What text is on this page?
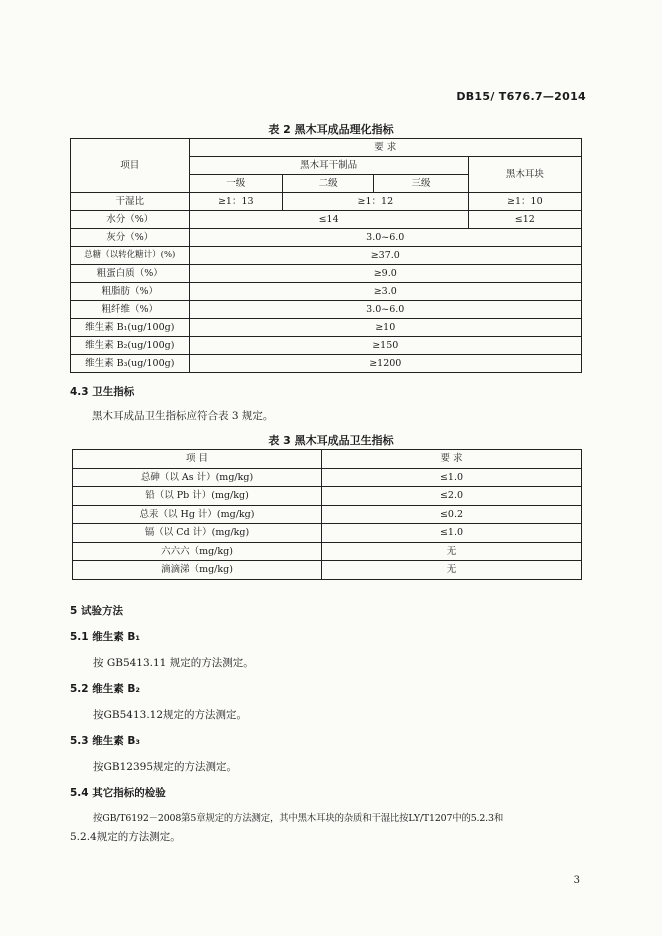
DB15/ T676.7—2014
表 2 黑木耳成品理化指标
项目	要 求			
	黑木耳干制品			黑木耳块
	一级	二级	三级	
干湿比	≥1：13	≥1：12		≥1：10
水分（%）	≤14			≤12
灰分（%）	3.0~6.0			
总糖（以转化糖计）(%)	≥37.0			
粗蛋白质（%）	≥9.0			
粗脂肪（%）	≥3.0			
粗纤维（%）	3.0~6.0			
维生素 B₁(ug/100g)	≥10			
维生素 B₂(ug/100g)	≥150			
维生素 B₃(ug/100g)	≥1200			
4.3 卫生指标
黑木耳成品卫生指标应符合表 3 规定。
表 3 黑木耳成品卫生指标
项 目	要 求
总砷（以 As 计）(mg/kg)	≤1.0
铅（以 Pb 计）(mg/kg)	≤2.0
总汞（以 Hg 计）(mg/kg)	≤0.2
镉（以 Cd 计）(mg/kg)	≤1.0
六六六（mg/kg)	无
滴滴涕（mg/kg)	无
5 试验方法
5.1 维生素 B₁
按 GB5413.11 规定的方法测定。
5.2 维生素 B₂
按GB5413.12规定的方法测定。
5.3 维生素 B₃
按GB12395规定的方法测定。
5.4 其它指标的检验
按GB/T6192－2008第5章规定的方法测定，其中黑木耳块的杂质和干湿比按LY/T1207中的5.2.3和
5.2.4规定的方法测定。
3
